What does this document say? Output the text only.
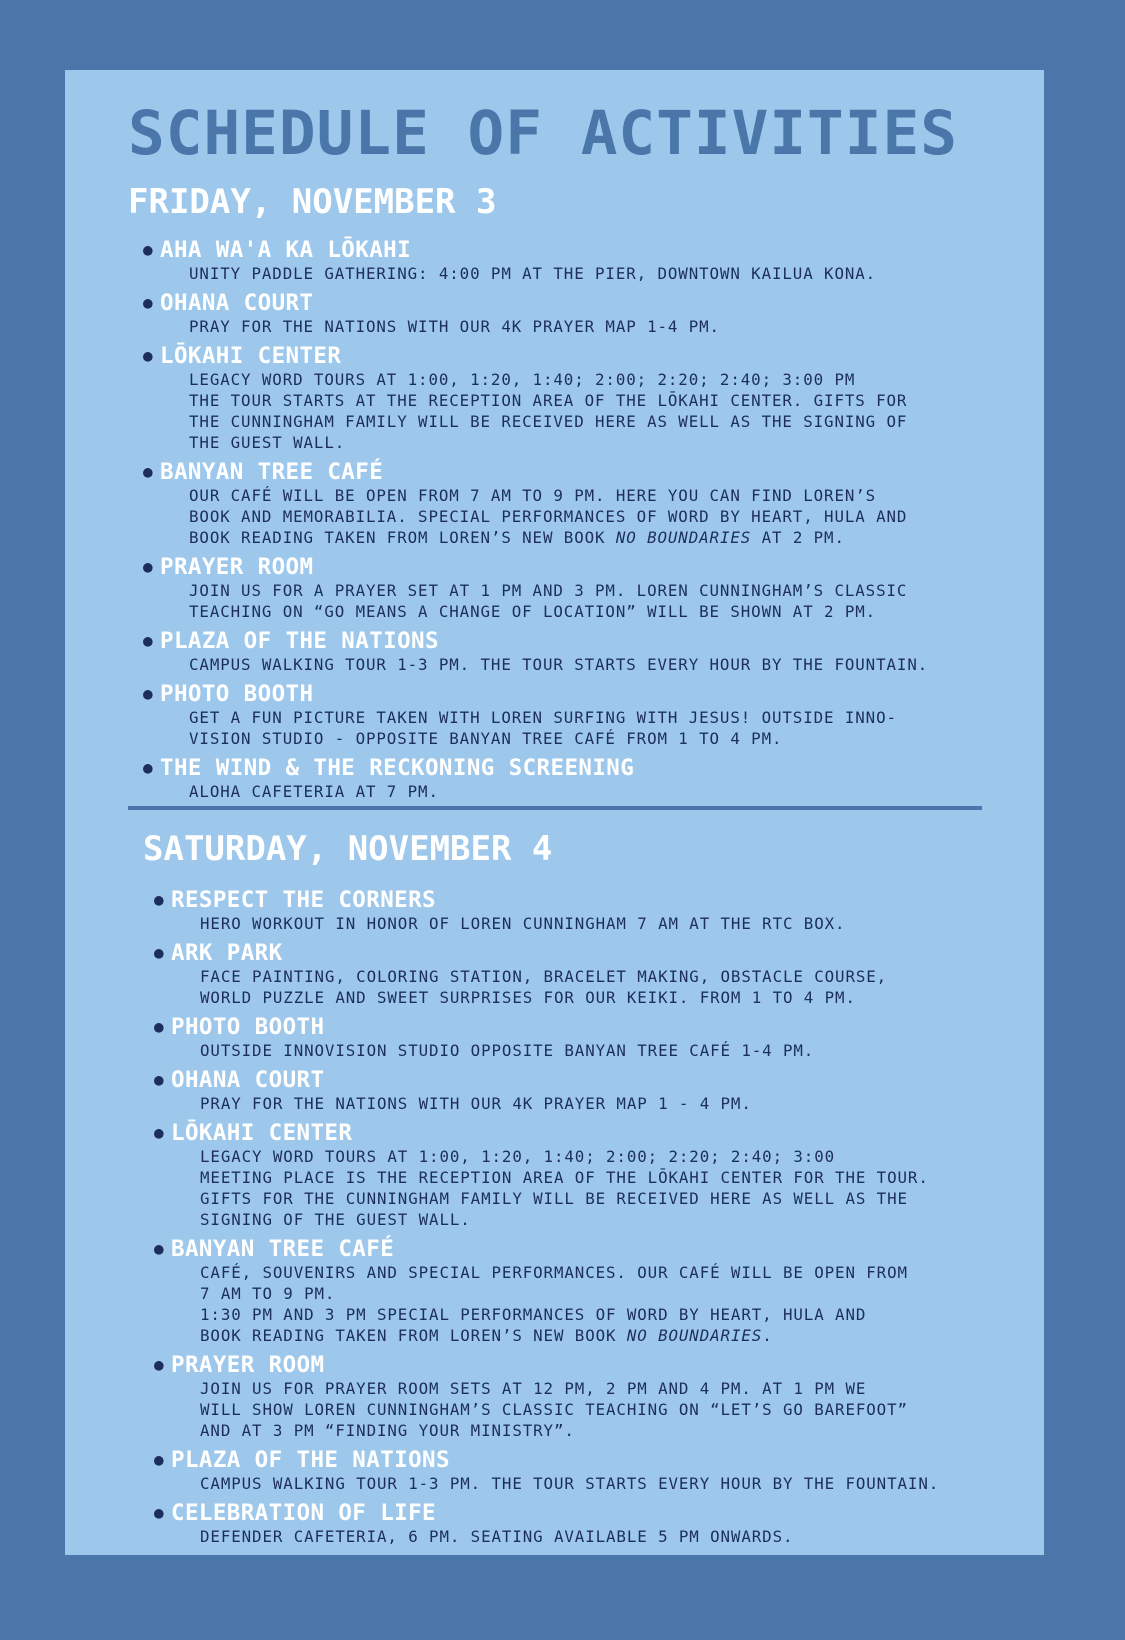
SCHEDULE OF ACTIVITIES
FRIDAY, NOVEMBER 3
● AHA WA'A KA LŌKAHI
UNITY PADDLE GATHERING: 4:00 PM AT THE PIER, DOWNTOWN KAILUA KONA.
● OHANA COURT
PRAY FOR THE NATIONS WITH OUR 4K PRAYER MAP 1-4 PM.
● LŌKAHI CENTER
LEGACY WORD TOURS AT 1:00, 1:20, 1:40; 2:00; 2:20; 2:40; 3:00 PM
THE TOUR STARTS AT THE RECEPTION AREA OF THE LŌKAHI CENTER. GIFTS FOR
THE CUNNINGHAM FAMILY WILL BE RECEIVED HERE AS WELL AS THE SIGNING OF
THE GUEST WALL.
● BANYAN TREE CAFÉ
OUR CAFÉ WILL BE OPEN FROM 7 AM TO 9 PM. HERE YOU CAN FIND LOREN’S
BOOK AND MEMORABILIA. SPECIAL PERFORMANCES OF WORD BY HEART, HULA AND
BOOK READING TAKEN FROM LOREN’S NEW BOOK NO BOUNDARIES AT 2 PM.
● PRAYER ROOM
JOIN US FOR A PRAYER SET AT 1 PM AND 3 PM. LOREN CUNNINGHAM’S CLASSIC
TEACHING ON “GO MEANS A CHANGE OF LOCATION” WILL BE SHOWN AT 2 PM.
● PLAZA OF THE NATIONS
CAMPUS WALKING TOUR 1-3 PM. THE TOUR STARTS EVERY HOUR BY THE FOUNTAIN.
● PHOTO BOOTH
GET A FUN PICTURE TAKEN WITH LOREN SURFING WITH JESUS! OUTSIDE INNO-
VISION STUDIO - OPPOSITE BANYAN TREE CAFÉ FROM 1 TO 4 PM.
● THE WIND & THE RECKONING SCREENING
ALOHA CAFETERIA AT 7 PM.
SATURDAY, NOVEMBER 4
● RESPECT THE CORNERS
HERO WORKOUT IN HONOR OF LOREN CUNNINGHAM 7 AM AT THE RTC BOX.
● ARK PARK
FACE PAINTING, COLORING STATION, BRACELET MAKING, OBSTACLE COURSE,
WORLD PUZZLE AND SWEET SURPRISES FOR OUR KEIKI. FROM 1 TO 4 PM.
● PHOTO BOOTH
OUTSIDE INNOVISION STUDIO OPPOSITE BANYAN TREE CAFÉ 1-4 PM.
● OHANA COURT
PRAY FOR THE NATIONS WITH OUR 4K PRAYER MAP 1 - 4 PM.
● LŌKAHI CENTER
LEGACY WORD TOURS AT 1:00, 1:20, 1:40; 2:00; 2:20; 2:40; 3:00
MEETING PLACE IS THE RECEPTION AREA OF THE LŌKAHI CENTER FOR THE TOUR.
GIFTS FOR THE CUNNINGHAM FAMILY WILL BE RECEIVED HERE AS WELL AS THE
SIGNING OF THE GUEST WALL.
● BANYAN TREE CAFÉ
CAFÉ, SOUVENIRS AND SPECIAL PERFORMANCES. OUR CAFÉ WILL BE OPEN FROM
7 AM TO 9 PM.
1:30 PM AND 3 PM SPECIAL PERFORMANCES OF WORD BY HEART, HULA AND
BOOK READING TAKEN FROM LOREN’S NEW BOOK NO BOUNDARIES.
● PRAYER ROOM
JOIN US FOR PRAYER ROOM SETS AT 12 PM, 2 PM AND 4 PM. AT 1 PM WE
WILL SHOW LOREN CUNNINGHAM’S CLASSIC TEACHING ON “LET’S GO BAREFOOT”
AND AT 3 PM “FINDING YOUR MINISTRY”.
● PLAZA OF THE NATIONS
CAMPUS WALKING TOUR 1-3 PM. THE TOUR STARTS EVERY HOUR BY THE FOUNTAIN.
● CELEBRATION OF LIFE
DEFENDER CAFETERIA, 6 PM. SEATING AVAILABLE 5 PM ONWARDS.
